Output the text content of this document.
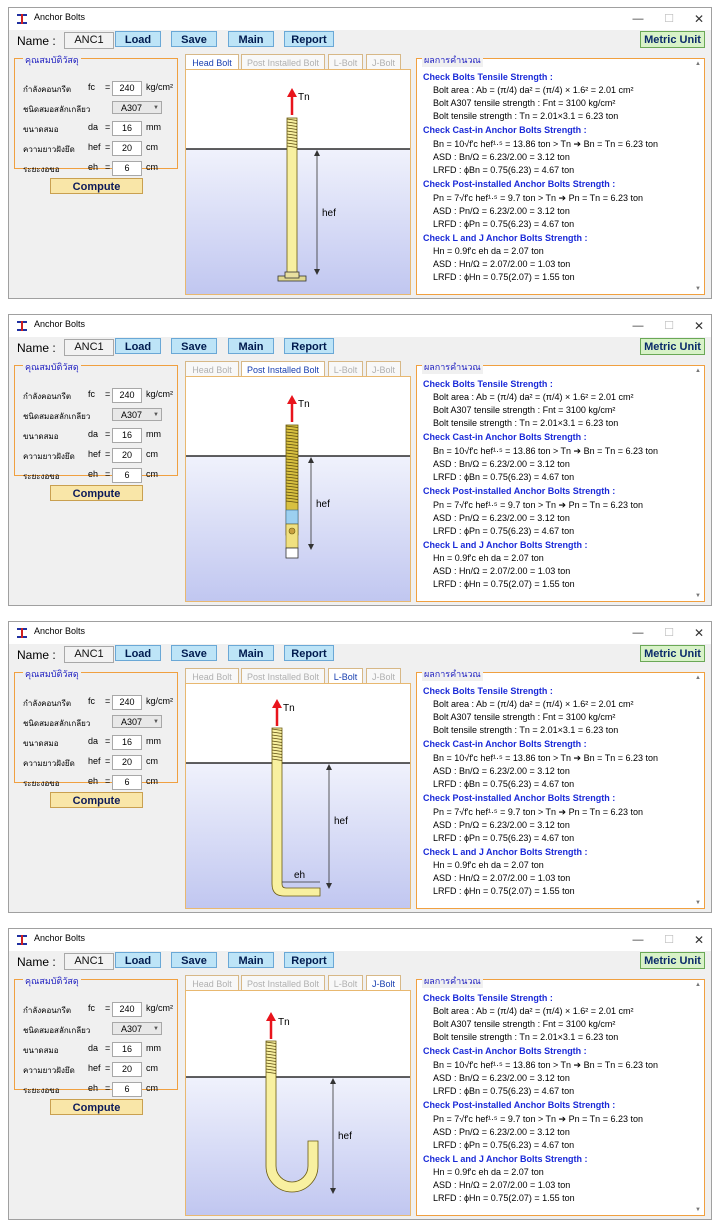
Anchor Bolts	—	☐	✕
Name :	ANC1	Load	Save	Main	Report	Metric Unit
คุณสมบัติวัสดุ
กำลังคอนกรีต fc =	240	kg/cm²
ชนิดสมอสลักเกลียว	A307 ▼
ขนาดสมอ	da =	16	mm
ความยาวฝังยึด hef =	20	cm
ระยะงอขอ	eh =	6	cm
Compute
Head Bolt	Post Installed Bolt	L-Bolt	J-Bolt
hef
Tn
ผลการคำนวณ
Check Bolts Tensile Strength :
Bolt area : Ab = (π/4) da² = (π/4) × 1.6² = 2.01 cm²
Bolt A307 tensile strength : Fnt = 3100 kg/cm²
Bolt tensile strength : Tn = 2.01×3.1 = 6.23 ton
Check Cast-in Anchor Bolts Strength :
Bn = 10√f'c hef¹·⁵ = 13.86 ton > Tn ➔ Bn = Tn = 6.23 ton
ASD : Bn/Ω = 6.23/2.00 = 3.12 ton
LRFD : ϕBn = 0.75(6.23) = 4.67 ton
Check Post-installed Anchor Bolts Strength :
Pn = 7√f'c hef¹·⁵ = 9.7 ton > Tn ➔ Pn = Tn = 6.23 ton
ASD : Pn/Ω = 6.23/2.00 = 3.12 ton
LRFD : ϕPn = 0.75(6.23) = 4.67 ton
Check L and J Anchor Bolts Strength :
Hn = 0.9f'c eh da = 2.07 ton
ASD : Hn/Ω = 2.07/2.00 = 1.03 ton
LRFD : ϕHn = 0.75(2.07) = 1.55 ton
▲
▼
Anchor Bolts	—	☐	✕
Name :	ANC1	Load	Save	Main	Report	Metric Unit
คุณสมบัติวัสดุ
กำลังคอนกรีต fc =	240	kg/cm²
ชนิดสมอสลักเกลียว	A307 ▼
ขนาดสมอ	da =	16	mm
ความยาวฝังยึด hef =	20	cm
ระยะงอขอ	eh =	6	cm
Compute
Head Bolt	Post Installed Bolt	L-Bolt	J-Bolt
hef
Tn
ผลการคำนวณ
Check Bolts Tensile Strength :
Bolt area : Ab = (π/4) da² = (π/4) × 1.6² = 2.01 cm²
Bolt A307 tensile strength : Fnt = 3100 kg/cm²
Bolt tensile strength : Tn = 2.01×3.1 = 6.23 ton
Check Cast-in Anchor Bolts Strength :
Bn = 10√f'c hef¹·⁵ = 13.86 ton > Tn ➔ Bn = Tn = 6.23 ton
ASD : Bn/Ω = 6.23/2.00 = 3.12 ton
LRFD : ϕBn = 0.75(6.23) = 4.67 ton
Check Post-installed Anchor Bolts Strength :
Pn = 7√f'c hef¹·⁵ = 9.7 ton > Tn ➔ Pn = Tn = 6.23 ton
ASD : Pn/Ω = 6.23/2.00 = 3.12 ton
LRFD : ϕPn = 0.75(6.23) = 4.67 ton
Check L and J Anchor Bolts Strength :
Hn = 0.9f'c eh da = 2.07 ton
ASD : Hn/Ω = 2.07/2.00 = 1.03 ton
LRFD : ϕHn = 0.75(2.07) = 1.55 ton
▲
▼
Anchor Bolts	—	☐	✕
Name :	ANC1	Load	Save	Main	Report	Metric Unit
คุณสมบัติวัสดุ
กำลังคอนกรีต fc =	240	kg/cm²
ชนิดสมอสลักเกลียว	A307 ▼
ขนาดสมอ	da =	16	mm
ความยาวฝังยึด hef =	20	cm
ระยะงอขอ	eh =	6	cm
Compute
Head Bolt	Post Installed Bolt	L-Bolt	J-Bolt
hef
eh
Tn
ผลการคำนวณ
Check Bolts Tensile Strength :
Bolt area : Ab = (π/4) da² = (π/4) × 1.6² = 2.01 cm²
Bolt A307 tensile strength : Fnt = 3100 kg/cm²
Bolt tensile strength : Tn = 2.01×3.1 = 6.23 ton
Check Cast-in Anchor Bolts Strength :
Bn = 10√f'c hef¹·⁵ = 13.86 ton > Tn ➔ Bn = Tn = 6.23 ton
ASD : Bn/Ω = 6.23/2.00 = 3.12 ton
LRFD : ϕBn = 0.75(6.23) = 4.67 ton
Check Post-installed Anchor Bolts Strength :
Pn = 7√f'c hef¹·⁵ = 9.7 ton > Tn ➔ Pn = Tn = 6.23 ton
ASD : Pn/Ω = 6.23/2.00 = 3.12 ton
LRFD : ϕPn = 0.75(6.23) = 4.67 ton
Check L and J Anchor Bolts Strength :
Hn = 0.9f'c eh da = 2.07 ton
ASD : Hn/Ω = 2.07/2.00 = 1.03 ton
LRFD : ϕHn = 0.75(2.07) = 1.55 ton
▲
▼
Anchor Bolts	—	☐	✕
Name :	ANC1	Load	Save	Main	Report	Metric Unit
คุณสมบัติวัสดุ
กำลังคอนกรีต fc =	240	kg/cm²
ชนิดสมอสลักเกลียว	A307 ▼
ขนาดสมอ	da =	16	mm
ความยาวฝังยึด hef =	20	cm
ระยะงอขอ	eh =	6	cm
Compute
Head Bolt	Post Installed Bolt	L-Bolt	J-Bolt
hef
Tn
ผลการคำนวณ
Check Bolts Tensile Strength :
Bolt area : Ab = (π/4) da² = (π/4) × 1.6² = 2.01 cm²
Bolt A307 tensile strength : Fnt = 3100 kg/cm²
Bolt tensile strength : Tn = 2.01×3.1 = 6.23 ton
Check Cast-in Anchor Bolts Strength :
Bn = 10√f'c hef¹·⁵ = 13.86 ton > Tn ➔ Bn = Tn = 6.23 ton
ASD : Bn/Ω = 6.23/2.00 = 3.12 ton
LRFD : ϕBn = 0.75(6.23) = 4.67 ton
Check Post-installed Anchor Bolts Strength :
Pn = 7√f'c hef¹·⁵ = 9.7 ton > Tn ➔ Pn = Tn = 6.23 ton
ASD : Pn/Ω = 6.23/2.00 = 3.12 ton
LRFD : ϕPn = 0.75(6.23) = 4.67 ton
Check L and J Anchor Bolts Strength :
Hn = 0.9f'c eh da = 2.07 ton
ASD : Hn/Ω = 2.07/2.00 = 1.03 ton
LRFD : ϕHn = 0.75(2.07) = 1.55 ton
▲
▼
